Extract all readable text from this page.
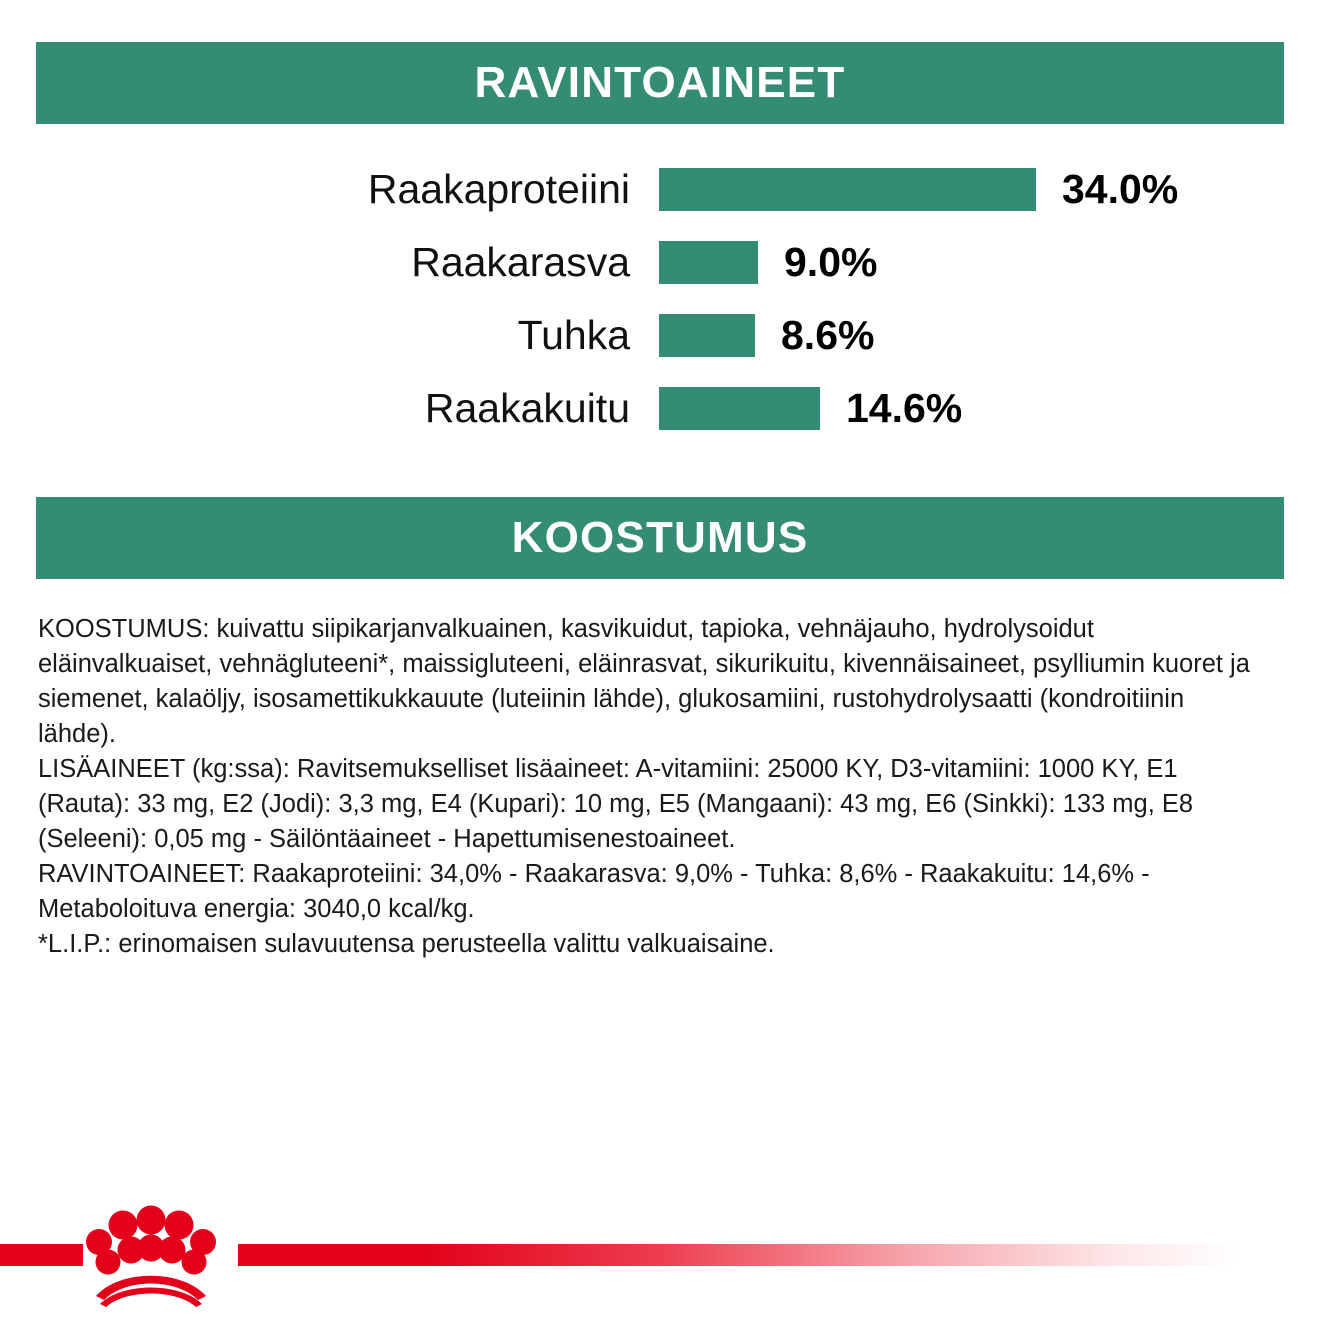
RAVINTOAINEET
Raakaproteiini	34.0%
Raakarasva	9.0%
Tuhka	8.6%
Raakakuitu	14.6%
KOOSTUMUS

KOOSTUMUS: kuivattu siipikarjanvalkuainen, kasvikuidut, tapioka, vehnäjauho, hydrolysoidut eläinvalkuaiset, vehnägluteeni*, maissigluteeni, eläinrasvat, sikurikuitu, kivennäisaineet, psylliumin kuoret ja siemenet, kalaöljy, isosamettikukkauute (luteiinin lähde), glukosamiini, rustohydrolysaatti (kondroitiinin lähde).

LISÄAINEET (kg:ssa): Ravitsemukselliset lisäaineet: A-vitamiini: 25000 KY, D3-vitamiini: 1000 KY, E1 (Rauta): 33 mg, E2 (Jodi): 3,3 mg, E4 (Kupari): 10 mg, E5 (Mangaani): 43 mg, E6 (Sinkki): 133 mg, E8 (Seleeni): 0,05 mg - Säilöntäaineet - Hapettumisenestoaineet.

RAVINTOAINEET: Raakaproteiini: 34,0% - Raakarasva: 9,0% - Tuhka: 8,6% - Raakakuitu: 14,6% - Metaboloituva energia: 3040,0 kcal/kg.

*L.I.P.: erinomaisen sulavuutensa perusteella valittu valkuaisaine.
